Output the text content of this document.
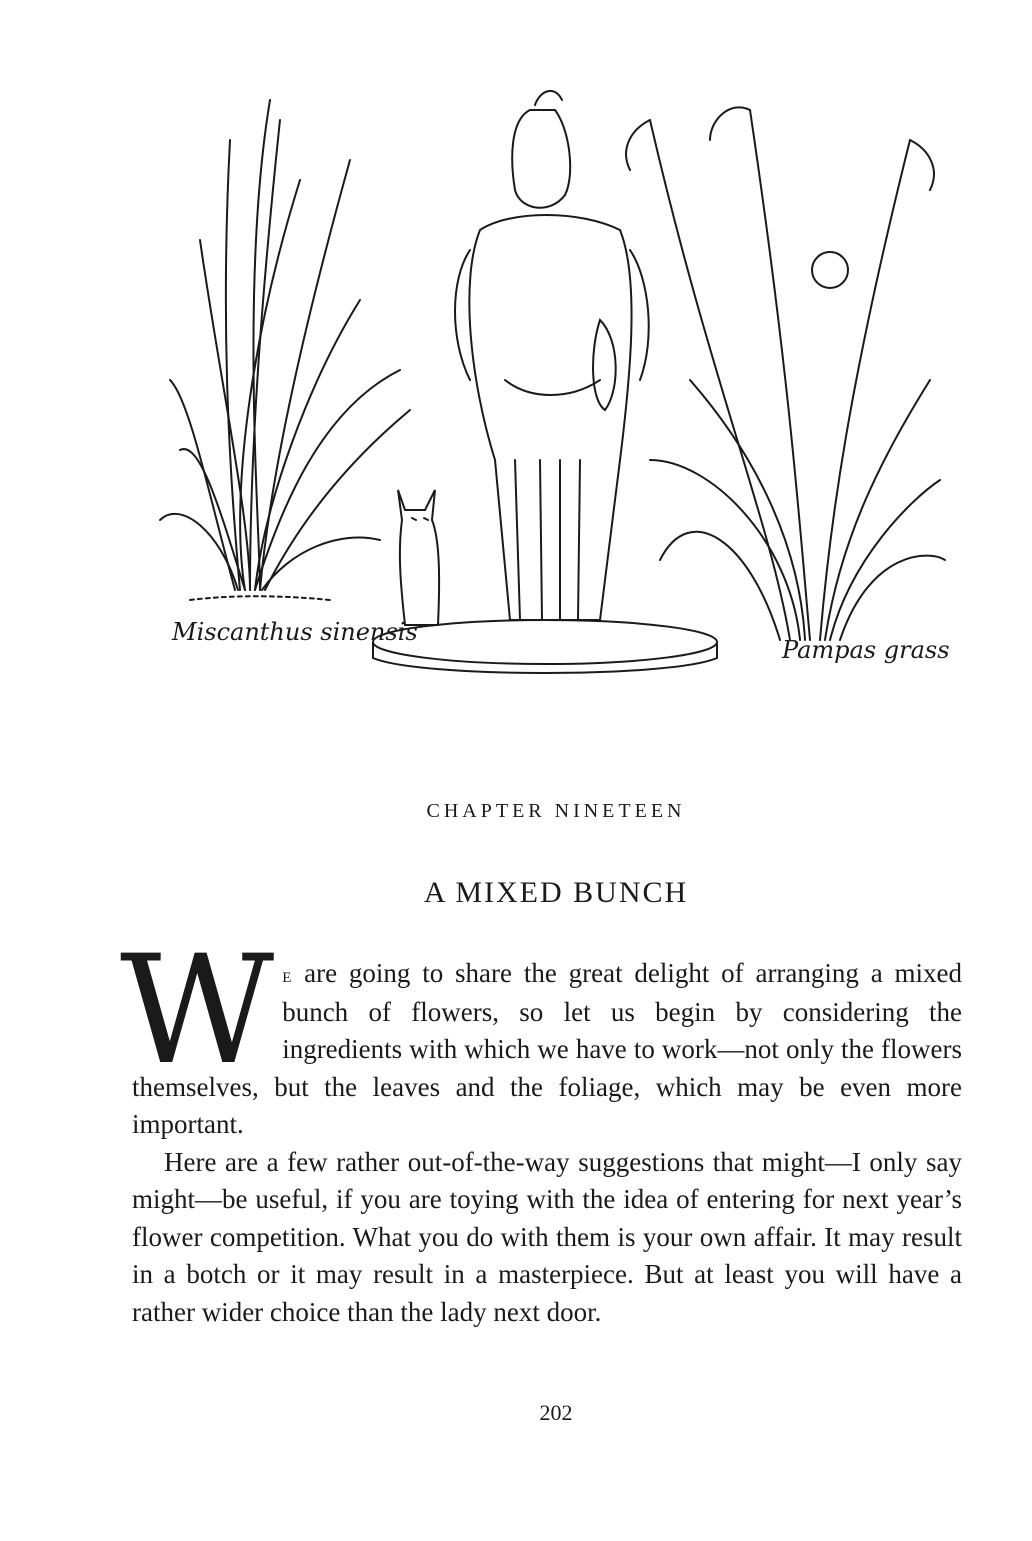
Miscanthus sinensis
Pampas grass
CHAPTER NINETEEN
A MIXED BUNCH

We are going to share the great delight of arranging a mixed bunch of flowers, so let us begin by considering the ingredients with which we have to work—not only the flowers themselves, but the leaves and the foliage, which may be even more important.

Here are a few rather out-of-the-way suggestions that might—I only say might—be useful, if you are toying with the idea of entering for next year’s flower competition. What you do with them is your own affair. It may result in a botch or it may result in a masterpiece. But at least you will have a rather wider choice than the lady next door.

202
